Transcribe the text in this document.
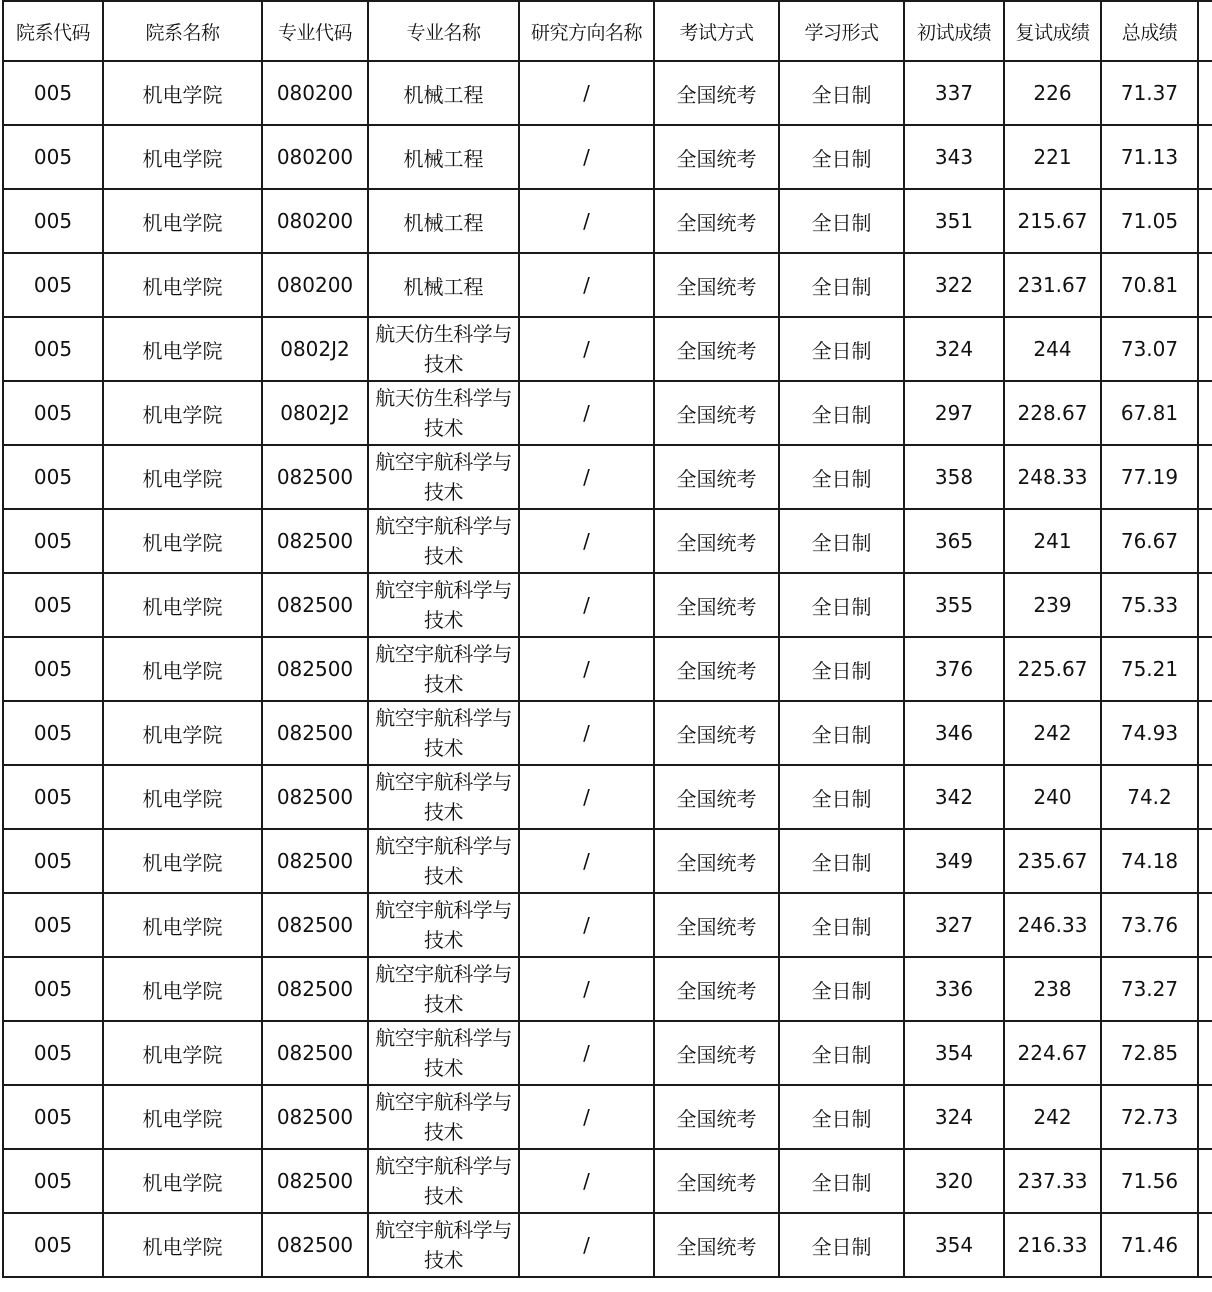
院系代码	院系名称	专业代码	专业名称	研究方向名称	考试方式	学习形式	初试成绩	复试成绩	总成绩	
005	机电学院	080200	机械工程	/	全国统考	全日制	337	226	71.37	
005	机电学院	080200	机械工程	/	全国统考	全日制	343	221	71.13	
005	机电学院	080200	机械工程	/	全国统考	全日制	351	215.67	71.05	
005	机电学院	080200	机械工程	/	全国统考	全日制	322	231.67	70.81	
005	机电学院	0802J2	航天仿生科学与技术	/	全国统考	全日制	324	244	73.07	
005	机电学院	0802J2	航天仿生科学与技术	/	全国统考	全日制	297	228.67	67.81	
005	机电学院	082500	航空宇航科学与技术	/	全国统考	全日制	358	248.33	77.19	
005	机电学院	082500	航空宇航科学与技术	/	全国统考	全日制	365	241	76.67	
005	机电学院	082500	航空宇航科学与技术	/	全国统考	全日制	355	239	75.33	
005	机电学院	082500	航空宇航科学与技术	/	全国统考	全日制	376	225.67	75.21	
005	机电学院	082500	航空宇航科学与技术	/	全国统考	全日制	346	242	74.93	
005	机电学院	082500	航空宇航科学与技术	/	全国统考	全日制	342	240	74.2	
005	机电学院	082500	航空宇航科学与技术	/	全国统考	全日制	349	235.67	74.18	
005	机电学院	082500	航空宇航科学与技术	/	全国统考	全日制	327	246.33	73.76	
005	机电学院	082500	航空宇航科学与技术	/	全国统考	全日制	336	238	73.27	
005	机电学院	082500	航空宇航科学与技术	/	全国统考	全日制	354	224.67	72.85	
005	机电学院	082500	航空宇航科学与技术	/	全国统考	全日制	324	242	72.73	
005	机电学院	082500	航空宇航科学与技术	/	全国统考	全日制	320	237.33	71.56	
005	机电学院	082500	航空宇航科学与技术	/	全国统考	全日制	354	216.33	71.46	
